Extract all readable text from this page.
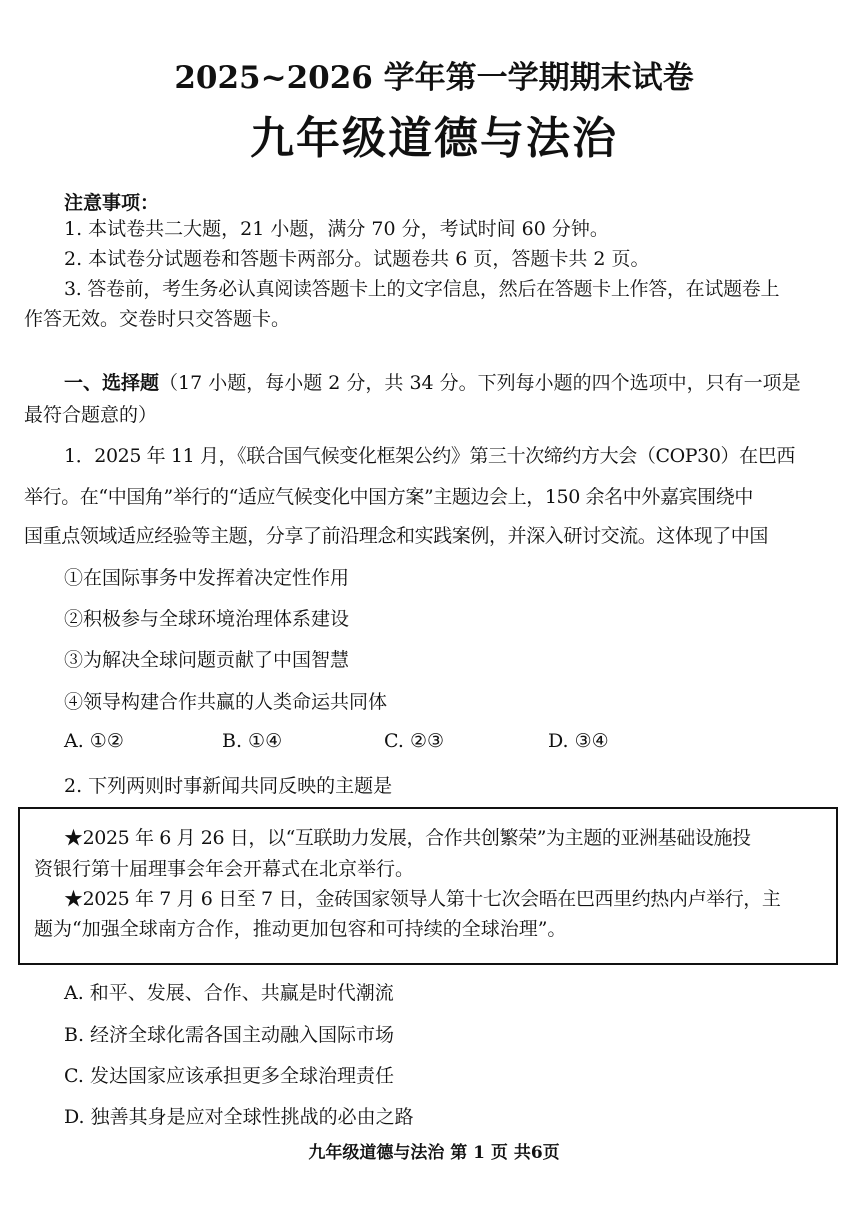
2025~2026 学年第一学期期末试卷
九年级道德与法治
注意事项：
1. 本试卷共二大题，21 小题，满分 70 分，考试时间 60 分钟。
2. 本试卷分试题卷和答题卡两部分。试题卷共 6 页，答题卡共 2 页。
3. 答卷前，考生务必认真阅读答题卡上的文字信息，然后在答题卡上作答，在试题卷上
作答无效。交卷时只交答题卡。
一、选择题（17 小题，每小题 2 分，共 34 分。下列每小题的四个选项中，只有一项是
最符合题意的）
1．2025 年 11 月，《联合国气候变化框架公约》第三十次缔约方大会（COP30）在巴西
举行。在“中国角”举行的“适应气候变化中国方案”主题边会上，150 余名中外嘉宾围绕中
国重点领域适应经验等主题，分享了前沿理念和实践案例，并深入研讨交流。这体现了中国
①在国际事务中发挥着决定性作用
②积极参与全球环境治理体系建设
③为解决全球问题贡献了中国智慧
④领导构建合作共赢的人类命运共同体
A. ①②	B. ①④	C. ②③	D. ③④
2. 下列两则时事新闻共同反映的主题是
★2025 年 6 月 26 日，以“互联助力发展，合作共创繁荣”为主题的亚洲基础设施投
资银行第十届理事会年会开幕式在北京举行。
★2025 年 7 月 6 日至 7 日，金砖国家领导人第十七次会晤在巴西里约热内卢举行，主
题为“加强全球南方合作，推动更加包容和可持续的全球治理”。
A. 和平、发展、合作、共赢是时代潮流
B. 经济全球化需各国主动融入国际市场
C. 发达国家应该承担更多全球治理责任
D. 独善其身是应对全球性挑战的必由之路
九年级道德与法治 第 1 页 共6页
